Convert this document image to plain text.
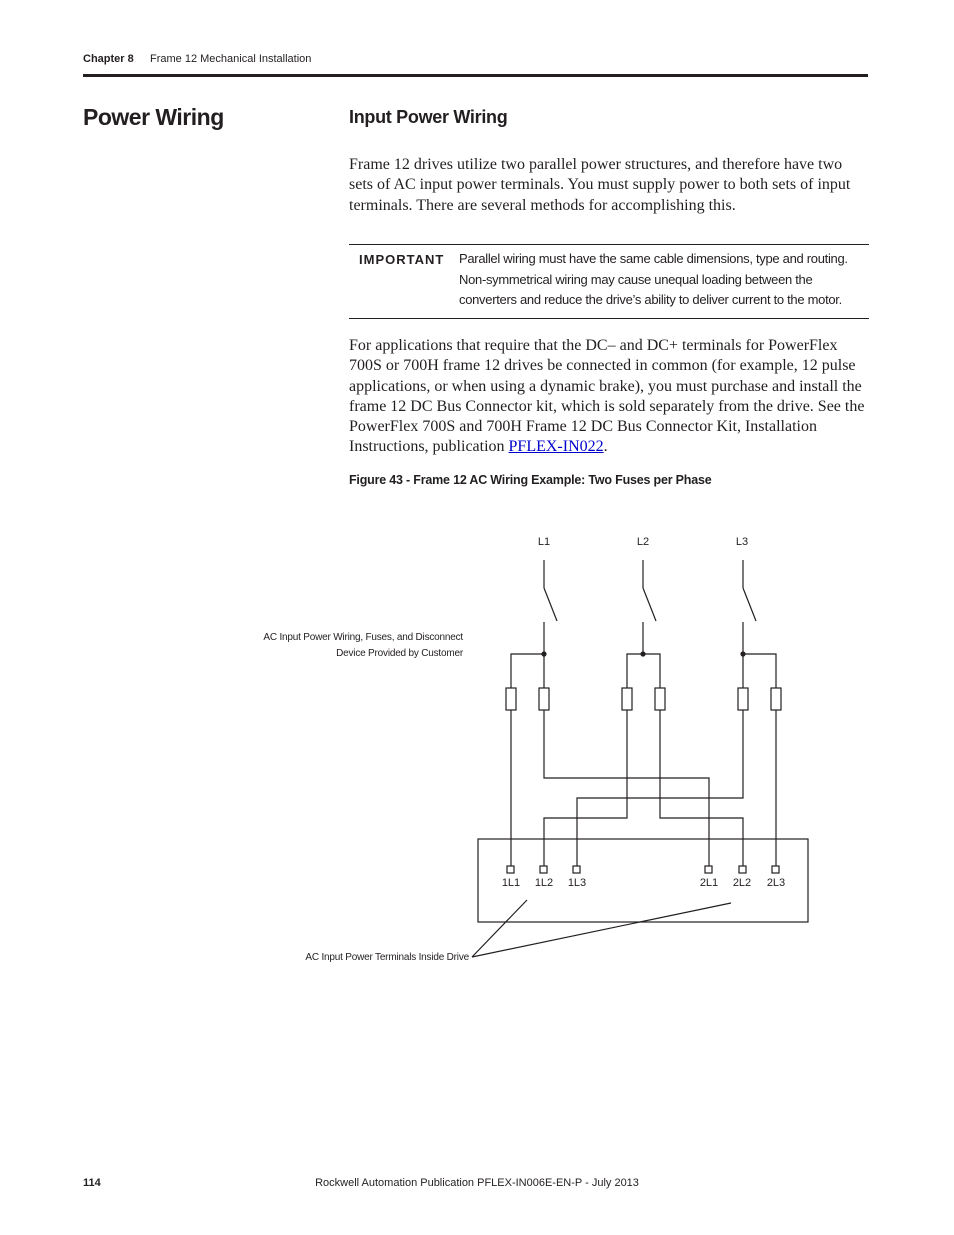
Chapter 8 Frame 12 Mechanical Installation
Power Wiring	Input Power Wiring
Frame 12 drives utilize two parallel power structures, and therefore have two sets of AC input power terminals. You must supply power to both sets of input terminals. There are several methods for accomplishing this.
IMPORTANT Parallel wiring must have the same cable dimensions, type and routing. Non-symmetrical wiring may cause unequal loading between the converters and reduce the drive’s ability to deliver current to the motor.
For applications that require that the DC– and DC+ terminals for PowerFlex 700S or 700H frame 12 drives be connected in common (for example, 12 pulse applications, or when using a dynamic brake), you must purchase and install the frame 12 DC Bus Connector kit, which is sold separately from the drive. See the PowerFlex 700S and 700H Frame 12 DC Bus Connector Kit, Installation Instructions, publication PFLEX-IN022.
Figure 43 - Frame 12 AC Wiring Example: Two Fuses per Phase
L1	L2	L3
1L1 1L2 1L3	2L1 2L2 2L3
AC Input Power Wiring, Fuses, and Disconnect
Device Provided by Customer
AC Input Power Terminals Inside Drive
Rockwell Automation Publication PFLEX-IN006E-EN-P - July 2013
114
